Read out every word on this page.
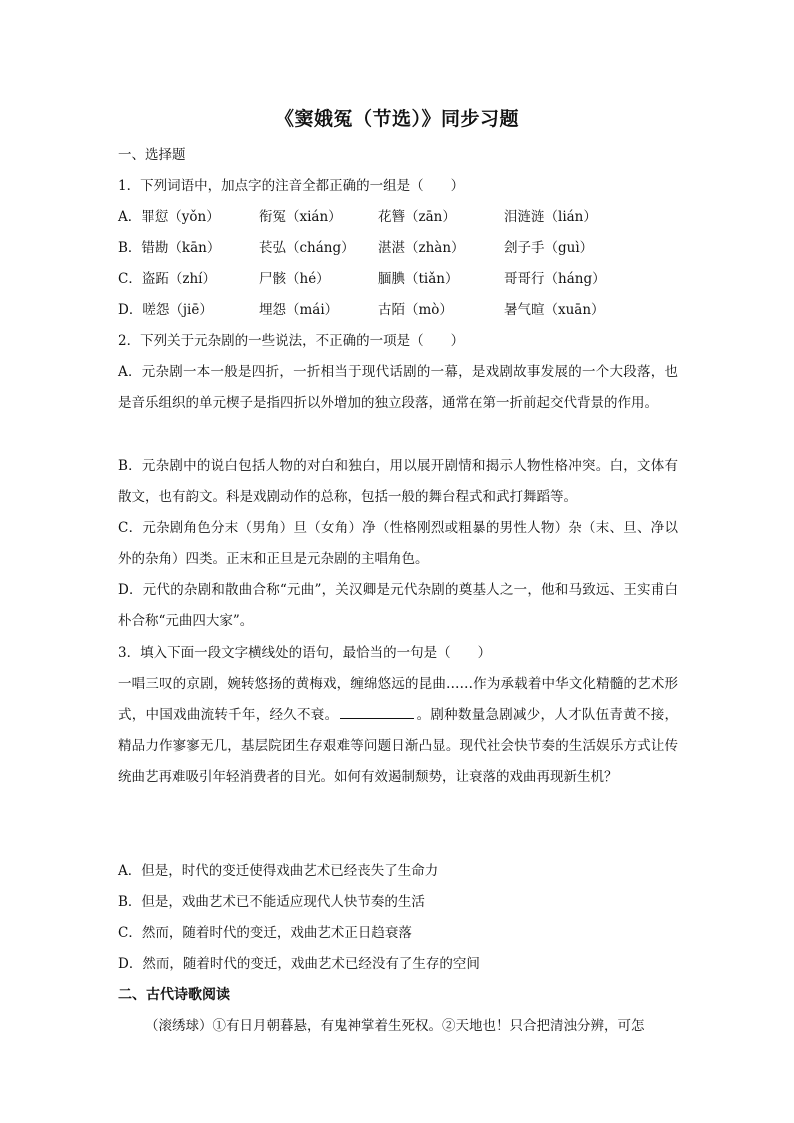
《窦娥冤（节选）》同步习题
一、选择题
1．下列词语中，加点字的注音全都正确的一组是（　　）
A．罪愆（yǒn）	衔冤（xián）	花簪（zān）	泪涟涟（lián）
B．错勘（kān）	苌弘（cháng） 湛湛（zhàn）	刽子手（guì）
C．盗跖（zhí）	尸骸（hé）	腼腆（tiǎn）	哥哥行（háng）
D．嗟怨（jiē）	埋怨（mái）	古陌（mò）	暑气暄（xuān）
2．下列关于元杂剧的一些说法，不正确的一项是（　　）
A．元杂剧一本一般是四折，一折相当于现代话剧的一幕，是戏剧故事发展的一个大段落，也是音乐组织的单元楔子是指四折以外增加的独立段落，通常在第一折前起交代背景的作用。
B．元杂剧中的说白包括人物的对白和独白，用以展开剧情和揭示人物性格冲突。白，文体有散文，也有韵文。科是戏剧动作的总称，包括一般的舞台程式和武打舞蹈等。
C．元杂剧角色分末（男角）旦（女角）净（性格刚烈或粗暴的男性人物）杂（末、旦、净以外的杂角）四类。正末和正旦是元杂剧的主唱角色。
D．元代的杂剧和散曲合称“元曲”，关汉卿是元代杂剧的奠基人之一，他和马致远、王实甫白朴合称“元曲四大家”。
3．填入下面一段文字横线处的语句，最恰当的一句是（　　）
一唱三叹的京剧，婉转悠扬的黄梅戏，缠绵悠远的昆曲……作为承载着中华文化精髓的艺术形式，中国戏曲流转千年，经久不衰。	。剧种数量急剧减少，人才队伍青黄不接，精品力作寥寥无几，基层院团生存艰难等问题日渐凸显。现代社会快节奏的生活娱乐方式让传统曲艺再难吸引年轻消费者的目光。如何有效遏制颓势，让衰落的戏曲再现新生机？
A．但是，时代的变迁使得戏曲艺术已经丧失了生命力
B．但是，戏曲艺术已不能适应现代人快节奏的生活
C．然而，随着时代的变迁，戏曲艺术正日趋衰落
D．然而，随着时代的变迁，戏曲艺术已经没有了生存的空间
二、古代诗歌阅读
（滚绣球）①有日月朝暮悬，有鬼神掌着生死权。②天地也！只合把清浊分辨，可怎
